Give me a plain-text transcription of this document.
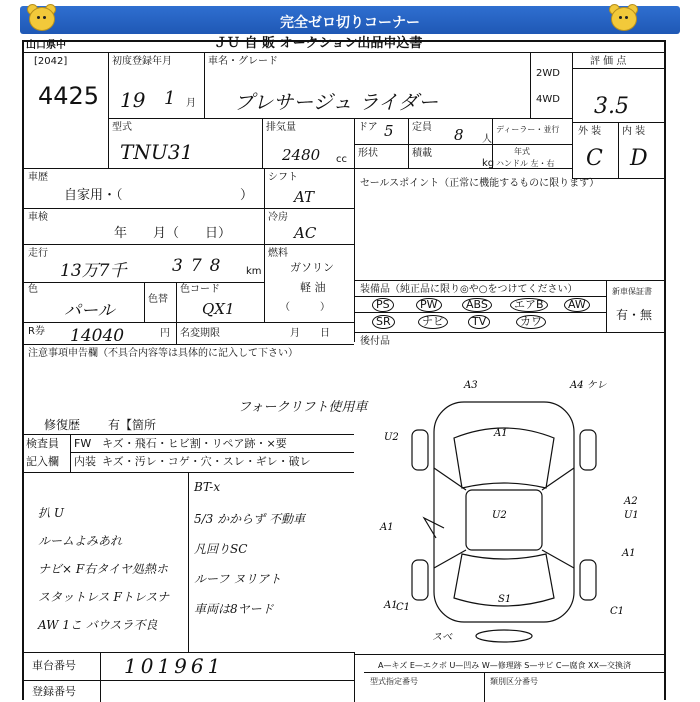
完全ゼロ切りコーナー
山口県中	ＪＵ 自 販 オークション出品申込書
[2042]
4425
初度登録年月
19 1 月
車名・グレード
プレサージュ ライダー
2WD
4WD
評 価 点
3.5
外 装 内 装
C D
型式
TNU31
排気量
2480 cc
ドア 5 定員 8 人
形状	積載
kg
ディーラー・並行
年式
ハンドル 左・右
車歴
自家用・（	）
車検
年　　月（　　日）
走行
13万7千	378 km
色
パール
色替
色コード
QX1
R券 14040	円 名変期限	月　　日
シフト
AT
冷房
AC
燃料
ガソリン
軽 油
（　　　）
セールスポイント（正常に機能するものに限ります）
装備品（純正品に限り◎や○をつけてください）	新車保証書
有・無
PS	PW	ABS	エアB	AW
SR	ナビ	TV	カワ
後付品
注意事項申告欄（不具合内容等は具体的に記入して下さい）
フォークリフト使用車
修復歴 有【箇所
検査員
記入欄
FW キズ・飛石・ヒビ割・リペア跡・×要
内装 キズ・汚レ・コゲ・穴・スレ・ギレ・破レ
扒 U
ルームよみあれ
ナビ× F右タイヤ処熱ホ
スタットレス Fトレスナ
AW 1こ バウスラ不良
BT-x
5/3 かからず 不動車
凡回りSC
ルーフ ヌリアト
車両は8ヤード
A3	A4 ケレ
U2	A1
U2
A2
U1
A1
A1
A1
C1
S1
C1
スベ
A—キズ E—エクボ U—凹み W—修理跡 S—サビ C—腐食 XX—交換済
車台番号 101961
登録番号
型式指定番号	類別区分番号
